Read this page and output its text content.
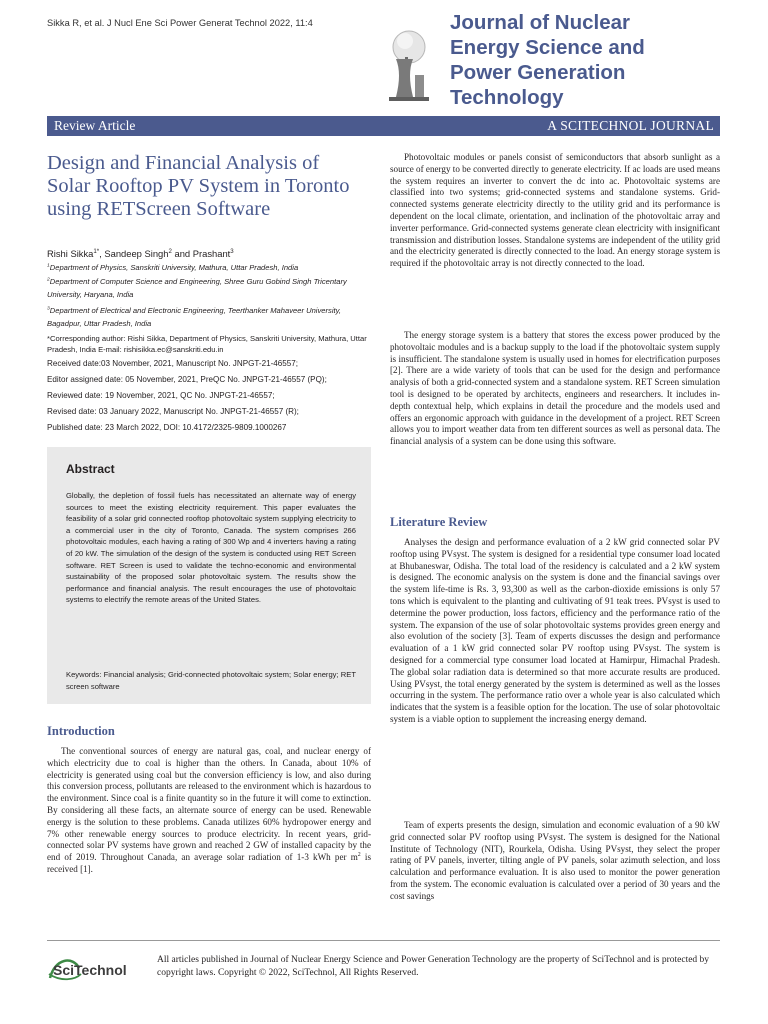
Sikka R, et al. J Nucl Ene Sci Power Generat Technol 2022, 11:4	Journal of Nuclear
Energy Science and
Power Generation
Technology
Review Article	A SCITECHNOL JOURNAL
Design and Financial Analysis of Solar Rooftop PV System in Toronto using RETScreen Software
Rishi Sikka$^{1*}$, Sandeep Singh$^2$ and Prashant$^3$
$^1$Department of Physics, Sanskriti University, Mathura, Uttar Pradesh, India
$^2$Department of Computer Science and Engineering, Shree Guru Gobind Singh Tricentary University, Haryana, India
$^3$Department of Electrical and Electronic Engineering, Teerthanker Mahaveer University, Bagadpur, Uttar Pradesh, India
*Corresponding author: Rishi Sikka, Department of Physics, Sanskriti University, Mathura, Uttar Pradesh, India E-mail: rishisikka.ec@sanskriti.edu.in
Received date:03 November, 2021, Manuscript No. JNPGT-21-46557;
Editor assigned date: 05 November, 2021, PreQC No. JNPGT-21-46557 (PQ);
Reviewed date: 19 November, 2021, QC No. JNPGT-21-46557;
Revised date: 03 January 2022, Manuscript No. JNPGT-21-46557 (R);
Published date: 23 March 2022, DOI: 10.4172/2325-9809.1000267
Abstract
Globally, the depletion of fossil fuels has necessitated an alternate way of energy sources to meet the existing electricity requirement. This paper evaluates the feasibility of a solar grid connected rooftop photovoltaic system supplying electricity to a commercial user in the city of Toronto, Canada. The system comprises 266 photovoltaic modules, each having a rating of 300 Wp and 4 inverters having a rating of 20 kW. The simulation of the design of the system is conducted using RET Screen software. RET Screen is used to validate the techno-economic and environmental sustainability of the proposed solar photovoltaic system. The results show the performance and financial analysis. The result encourages the use of photovoltaic systems to electrify the remote areas of the United States.
Keywords: Financial analysis; Grid-connected photovoltaic system; Solar energy; RET screen software
Introduction
The conventional sources of energy are natural gas, coal, and nuclear energy of which electricity due to coal is higher than the others. In Canada, about 10% of electricity is generated using coal but the conversion efficiency is low, and also during this conversion process, pollutants are released to the environment which is hazardous to the environment. Since coal is a finite quantity so in the future it will come to extinction. By considering all these facts, an alternate source of energy can be used. Renewable energy is the solution to these problems. Canada utilizes 60% hydropower energy and 7% other renewable energy sources to produce electricity. In recent years, grid-connected solar PV systems have grown and reached 2 GW of installed capacity by the end of 2019. Throughout Canada, an average solar radiation of 1-3 kWh per $m^2$ is received [1].
Photovoltaic modules or panels consist of semiconductors that absorb sunlight as a source of energy to be converted directly to generate electricity. If ac loads are used means the system requires an inverter to convert the dc into ac. Photovoltaic systems are classified into two systems; grid-connected systems and standalone systems. Grid-connected systems generate electricity directly to the utility grid and its performance is dependent on the local climate, orientation, and inclination of the photovoltaic array and inverter performance. Grid-connected systems generate clean electricity with insignificant transmission and distribution losses. Standalone systems are independent of the utility grid and the electricity generated is directly connected to the load. An energy storage system is required if the photovoltaic array is not directly connected to the load.
The energy storage system is a battery that stores the excess power produced by the photovoltaic modules and is a backup supply to the load if the photovoltaic system supply is insufficient. The standalone system is usually used in homes for electrification purposes [2]. There are a wide variety of tools that can be used for the design and performance analysis of both a grid-connected system and a standalone system. RET Screen simulation tool is designed to be operated by architects, engineers and researchers. It includes in-depth contextual help, which explains in detail the procedure and the models used and offers an ergonomic approach with guidance in the development of a project. RET Screen allows you to import weather data from ten different sources as well as personal data. The financial analysis of a system can be done using this software.
Literature Review
Analyses the design and performance evaluation of a 2 kW grid connected solar PV rooftop using PVsyst. The system is designed for a residential type consumer load located at Bhubaneswar, Odisha. The total load of the residency is calculated and a 2 kW system is designed. The economic analysis on the system is done and the financial savings over the system life-time is Rs. 3, 93,300 as well as the carbon-dioxide emissions is only 57 tons which is equivalent to the planting and cultivating of 91 teak trees. PVsyst is used to determine the power production, loss factors, efficiency and the performance ratio of the system. The expansion of the use of solar photovoltaic systems provides green energy and also evolution of the society [3]. Team of experts discusses the design and performance evaluation of a 1 kW grid connected solar PV rooftop using PVsyst. The system is designed for a commercial type consumer load located at Hamirpur, Himachal Pradesh. The global solar radiation data is determined so that more accurate results are produced. Using PVsyst, the total energy generated by the system is determined as well as the losses occurring in the system. The performance ratio over a whole year is also calculated which indicates that the system is a feasible option for the location. The use of solar photovoltaic system is a viable option to supplement the increasing energy demand.
Team of experts presents the design, simulation and economic evaluation of a 90 kW grid connected solar PV rooftop using PVsyst. The system is designed for the National Institute of Technology (NIT), Rourkela, Odisha. Using PVsyst, they select the proper rating of PV panels, inverter, tilting angle of PV panels, solar azimuth selection, and loss calculation and performance evaluation. It is also used to monitor the power generation from the system. The economic evaluation is calculated over a period of 30 years and the cost savings
SciTechnol
All articles published in Journal of Nuclear Energy Science and Power Generation Technology are the property of SciTechnol and is protected by copyright laws. Copyright © 2022, SciTechnol, All Rights Reserved.
